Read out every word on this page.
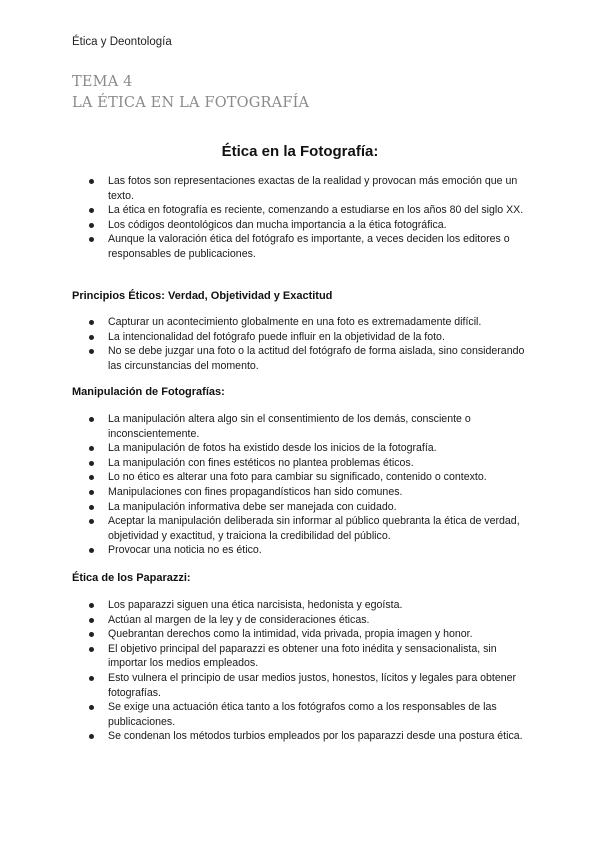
Ética y Deontología
TEMA 4
LA ÉTICA EN LA FOTOGRAFÍA
Ética en la Fotografía:
Las fotos son representaciones exactas de la realidad y provocan más emoción que un texto.
La ética en fotografía es reciente, comenzando a estudiarse en los años 80 del siglo XX.
Los códigos deontológicos dan mucha importancia a la ética fotográfica.
Aunque la valoración ética del fotógrafo es importante, a veces deciden los editores o responsables de publicaciones.
Principios Éticos: Verdad, Objetividad y Exactitud
Capturar un acontecimiento globalmente en una foto es extremadamente difícil.
La intencionalidad del fotógrafo puede influir en la objetividad de la foto.
No se debe juzgar una foto o la actitud del fotógrafo de forma aislada, sino considerando las circunstancias del momento.
Manipulación de Fotografías:
La manipulación altera algo sin el consentimiento de los demás, consciente o inconscientemente.
La manipulación de fotos ha existido desde los inicios de la fotografía.
La manipulación con fines estéticos no plantea problemas éticos.
Lo no ético es alterar una foto para cambiar su significado, contenido o contexto.
Manipulaciones con fines propagandísticos han sido comunes.
La manipulación informativa debe ser manejada con cuidado.
Aceptar la manipulación deliberada sin informar al público quebranta la ética de verdad, objetividad y exactitud, y traiciona la credibilidad del público.
Provocar una noticia no es ético.
Ética de los Paparazzi:
Los paparazzi siguen una ética narcisista, hedonista y egoísta.
Actúan al margen de la ley y de consideraciones éticas.
Quebrantan derechos como la intimidad, vida privada, propia imagen y honor.
El objetivo principal del paparazzi es obtener una foto inédita y sensacionalista, sin importar los medios empleados.
Esto vulnera el principio de usar medios justos, honestos, lícitos y legales para obtener fotografías.
Se exige una actuación ética tanto a los fotógrafos como a los responsables de las publicaciones.
Se condenan los métodos turbios empleados por los paparazzi desde una postura ética.
